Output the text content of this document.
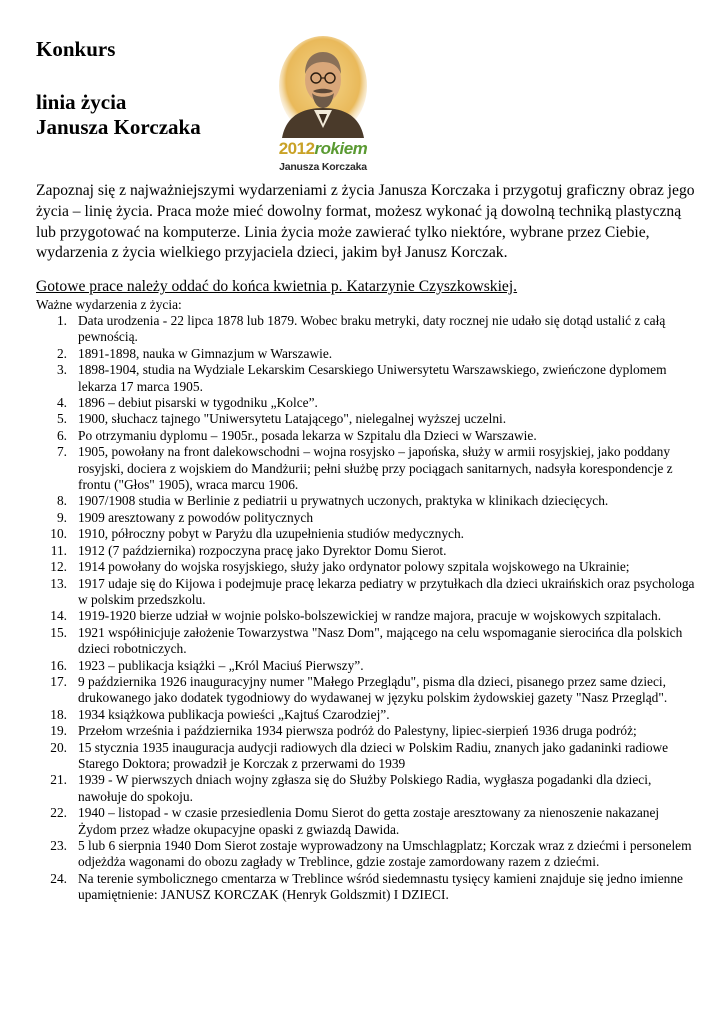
Konkurs
linia życia
Janusza Korczaka
2012rokiem
Janusza Korczaka

Zapoznaj się z najważniejszymi wydarzeniami z życia Janusza Korczaka i przygotuj graficzny obraz jego życia – linię życia. Praca może mieć dowolny format, możesz wykonać ją dowolną techniką plastyczną lub przygotować na komputerze. Linia życia może zawierać tylko niektóre, wybrane przez Ciebie, wydarzenia z życia wielkiego przyjaciela dzieci, jakim był Janusz Korczak.

Gotowe prace należy oddać do końca kwietnia p. Katarzynie Czyszkowskiej.

Ważne wydarzenia z życia:
1. Data urodzenia - 22 lipca 1878 lub 1879. Wobec braku metryki, daty rocznej nie udało się dotąd ustalić z całą pewnością.
2. 1891-1898, nauka w Gimnazjum w Warszawie.
3. 1898-1904, studia na Wydziale Lekarskim Cesarskiego Uniwersytetu Warszawskiego, zwieńczone dyplomem lekarza 17 marca 1905.
4. 1896 – debiut pisarski w tygodniku „Kolce”.
5. 1900, słuchacz tajnego "Uniwersytetu Latającego", nielegalnej wyższej uczelni.
6. Po otrzymaniu dyplomu – 1905r., posada lekarza w Szpitalu dla Dzieci w Warszawie.
7. 1905, powołany na front dalekowschodni – wojna rosyjsko – japońska, służy w armii rosyjskiej, jako poddany rosyjski, dociera z wojskiem do Mandżurii; pełni służbę przy pociągach sanitarnych, nadsyła korespondencje z frontu ("Głos" 1905), wraca marcu 1906.
8. 1907/1908 studia w Berlinie z pediatrii u prywatnych uczonych, praktyka w klinikach dziecięcych.
9. 1909 aresztowany z powodów politycznych
10. 1910, półroczny pobyt w Paryżu dla uzupełnienia studiów medycznych.
11. 1912 (7 października) rozpoczyna pracę jako Dyrektor Domu Sierot.
12. 1914 powołany do wojska rosyjskiego, służy jako ordynator polowy szpitala wojskowego na Ukrainie;
13. 1917 udaje się do Kijowa i podejmuje pracę lekarza pediatry w przytułkach dla dzieci ukraińskich oraz psychologa w polskim przedszkolu.
14. 1919-1920 bierze udział w wojnie polsko-bolszewickiej w randze majora, pracuje w wojskowych szpitalach.
15. 1921 współinicjuje założenie Towarzystwa "Nasz Dom", mającego na celu wspomaganie sierocińca dla polskich dzieci robotniczych.
16. 1923 – publikacja książki – „Król Maciuś Pierwszy”.
17. 9 października 1926 inauguracyjny numer "Małego Przeglądu", pisma dla dzieci, pisanego przez same dzieci, drukowanego jako dodatek tygodniowy do wydawanej w języku polskim żydowskiej gazety "Nasz Przegląd".
18. 1934 książkowa publikacja powieści „Kajtuś Czarodziej”.
19. Przełom września i października 1934 pierwsza podróż do Palestyny, lipiec-sierpień 1936 druga podróż;
20. 15 stycznia 1935 inauguracja audycji radiowych dla dzieci w Polskim Radiu, znanych jako gadaninki radiowe Starego Doktora; prowadził je Korczak z przerwami do 1939
21. 1939 - W pierwszych dniach wojny zgłasza się do Służby Polskiego Radia, wygłasza pogadanki dla dzieci, nawołuje do spokoju.
22. 1940 – listopad - w czasie przesiedlenia Domu Sierot do getta zostaje aresztowany za nienoszenie nakazanej Żydom przez władze okupacyjne opaski z gwiazdą Dawida.
23. 5 lub 6 sierpnia 1940 Dom Sierot zostaje wyprowadzony na Umschlagplatz; Korczak wraz z dziećmi i personelem odjeżdża wagonami do obozu zagłady w Treblince, gdzie zostaje zamordowany razem z dziećmi.
24. Na terenie symbolicznego cmentarza w Treblince wśród siedemnastu tysięcy kamieni znajduje się jedno imienne upamiętnienie: JANUSZ KORCZAK (Henryk Goldszmit) I DZIECI.
